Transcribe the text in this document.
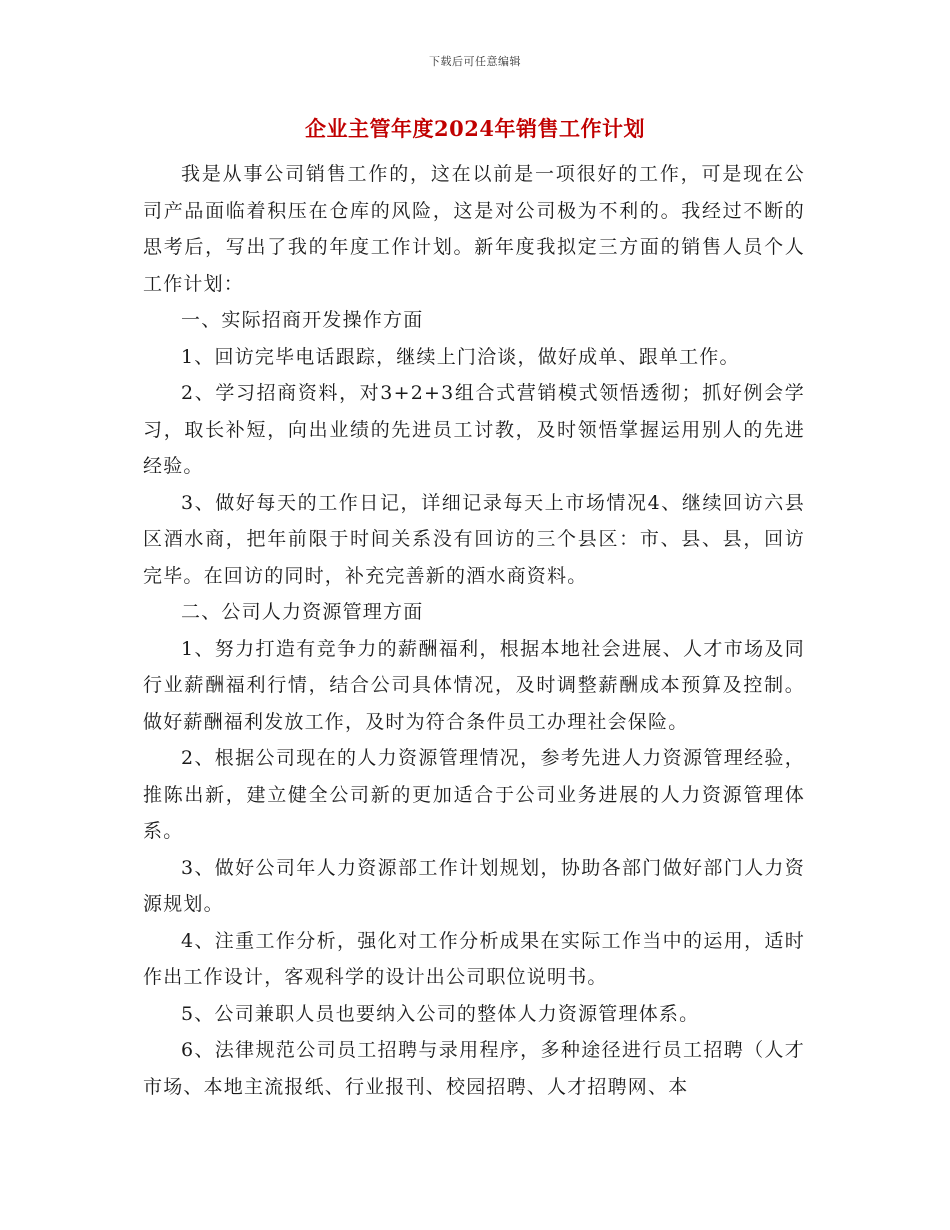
下载后可任意编辑
企业主管年度2024年销售工作计划

我是从事公司销售工作的，这在以前是一项很好的工作，可是现在公司产品面临着积压在仓库的风险，这是对公司极为不利的。我经过不断的思考后，写出了我的年度工作计划。新年度我拟定三方面的销售人员个人工作计划：

一、实际招商开发操作方面

1、回访完毕电话跟踪，继续上门洽谈，做好成单、跟单工作。

2、学习招商资料，对3+2+3组合式营销模式领悟透彻；抓好例会学习，取长补短，向出业绩的先进员工讨教，及时领悟掌握运用别人的先进经验。

3、做好每天的工作日记，详细记录每天上市场情况4、继续回访六县区酒水商，把年前限于时间关系没有回访的三个县区：市、县、县，回访完毕。在回访的同时，补充完善新的酒水商资料。

二、公司人力资源管理方面

1、努力打造有竞争力的薪酬福利，根据本地社会进展、人才市场及同行业薪酬福利行情，结合公司具体情况，及时调整薪酬成本预算及控制。做好薪酬福利发放工作，及时为符合条件员工办理社会保险。

2、根据公司现在的人力资源管理情况，参考先进人力资源管理经验，推陈出新，建立健全公司新的更加适合于公司业务进展的人力资源管理体系。

3、做好公司年人力资源部工作计划规划，协助各部门做好部门人力资源规划。

4、注重工作分析，强化对工作分析成果在实际工作当中的运用，适时作出工作设计，客观科学的设计出公司职位说明书。

5、公司兼职人员也要纳入公司的整体人力资源管理体系。

6、法律规范公司员工招聘与录用程序，多种途径进行员工招聘（人才市场、本地主流报纸、行业报刊、校园招聘、人才招聘网、本
